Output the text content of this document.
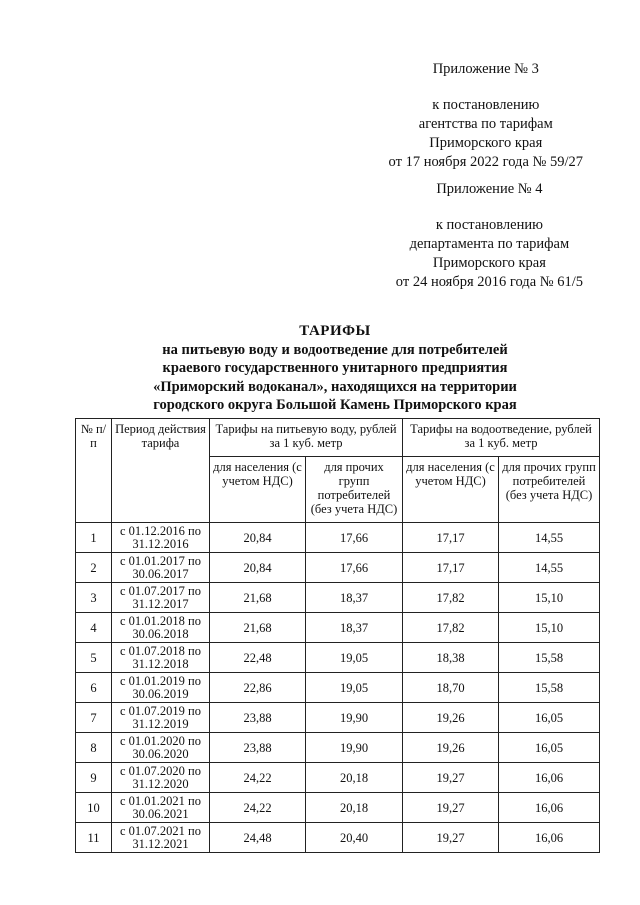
Приложение № 3
к постановлению
агентства по тарифам
Приморского края
от 17 ноября 2022 года № 59/27
Приложение № 4
к постановлению
департамента по тарифам
Приморского края
от 24 ноября 2016 года № 61/5
ТАРИФЫ
на питьевую воду и водоотведение для потребителей
краевого государственного унитарного предприятия
«Приморский водоканал», находящихся на территории
городского округа Большой Камень Приморского края
№ п/п	Период действия тарифа	Тарифы на питьевую воду, рублей за 1 куб. метр		Тарифы на водоотведение, рублей за 1 куб. метр	
		для населения (с учетом НДС)	для прочих групп потребителей (без учета НДС)	для населения (с учетом НДС)	для прочих групп потребителей (без учета НДС)
1	с 01.12.2016 по 31.12.2016	20,84	17,66	17,17	14,55
2	с 01.01.2017 по 30.06.2017	20,84	17,66	17,17	14,55
3	с 01.07.2017 по 31.12.2017	21,68	18,37	17,82	15,10
4	с 01.01.2018 по 30.06.2018	21,68	18,37	17,82	15,10
5	с 01.07.2018 по 31.12.2018	22,48	19,05	18,38	15,58
6	с 01.01.2019 по 30.06.2019	22,86	19,05	18,70	15,58
7	с 01.07.2019 по 31.12.2019	23,88	19,90	19,26	16,05
8	с 01.01.2020 по 30.06.2020	23,88	19,90	19,26	16,05
9	с 01.07.2020 по 31.12.2020	24,22	20,18	19,27	16,06
10	с 01.01.2021 по 30.06.2021	24,22	20,18	19,27	16,06
11	с 01.07.2021 по 31.12.2021	24,48	20,40	19,27	16,06
